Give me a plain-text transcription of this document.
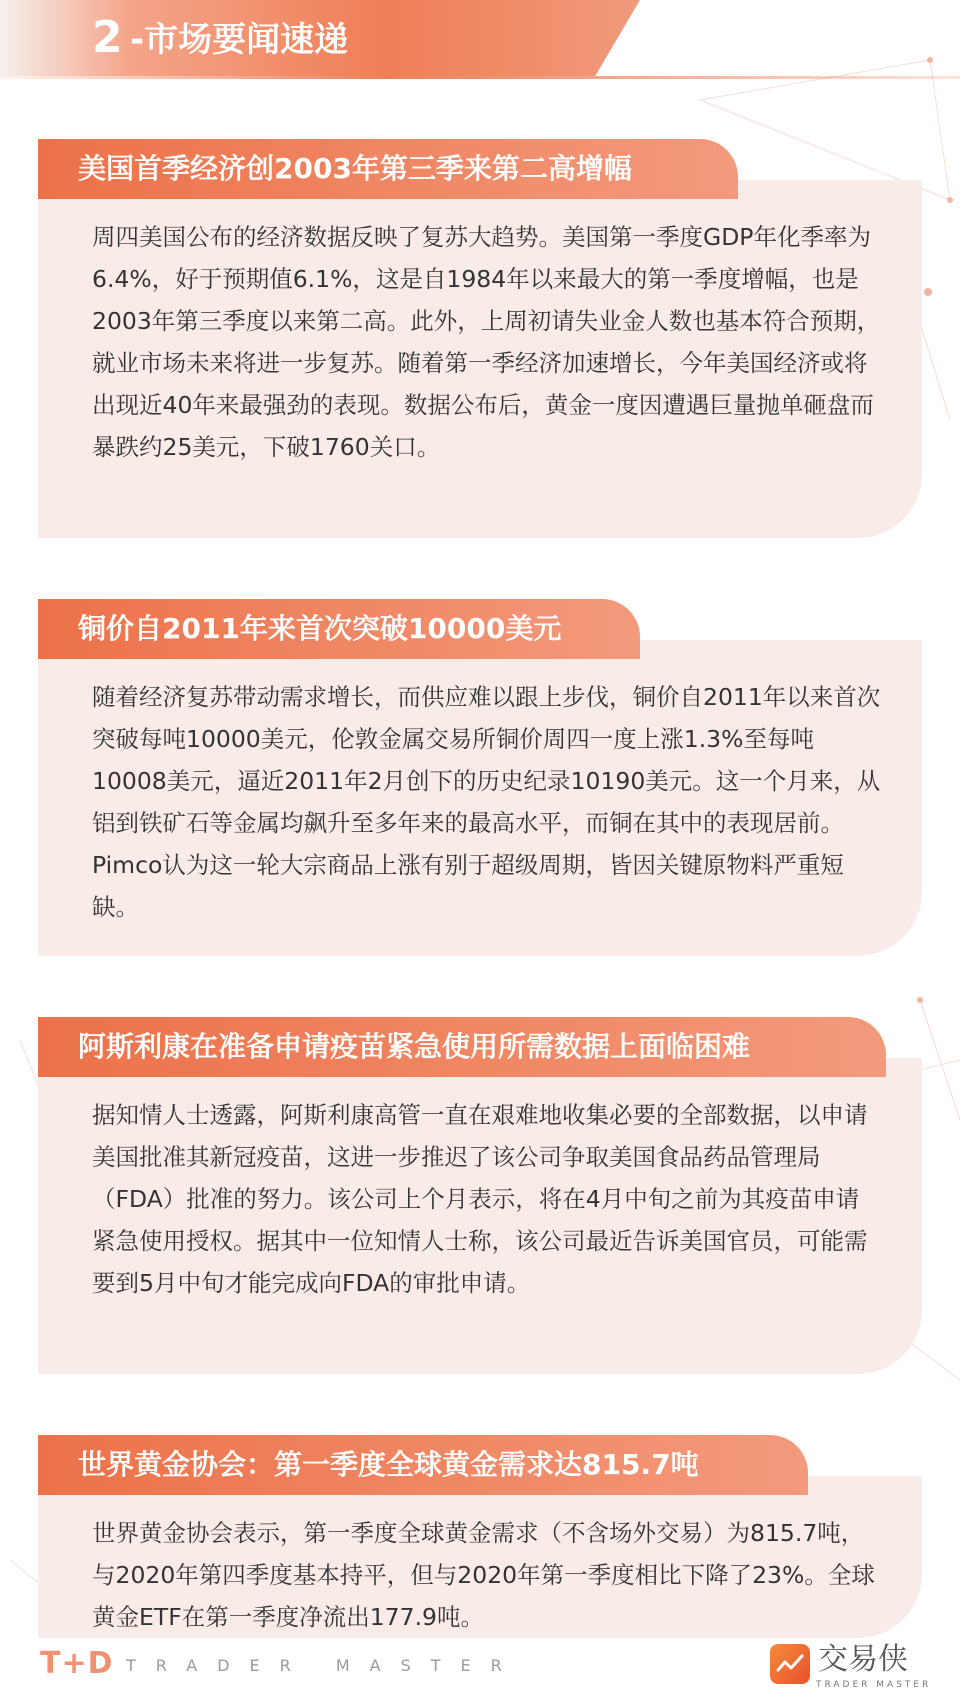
2 -市场要闻速递
美国首季经济创2003年第三季来第二高增幅

周四美国公布的经济数据反映了复苏大趋势。美国第一季度GDP年化季率为6.4%，好于预期值6.1%，这是自1984年以来最大的第一季度增幅，也是2003年第三季度以来第二高。此外，上周初请失业金人数也基本符合预期，就业市场未来将进一步复苏。随着第一季经济加速增长，今年美国经济或将出现近40年来最强劲的表现。数据公布后，黄金一度因遭遇巨量抛单砸盘而暴跌约25美元，下破1760关口。

铜价自2011年来首次突破10000美元

随着经济复苏带动需求增长，而供应难以跟上步伐，铜价自2011年以来首次突破每吨10000美元，伦敦金属交易所铜价周四一度上涨1.3%至每吨10008美元，逼近2011年2月创下的历史纪录10190美元。这一个月来，从铝到铁矿石等金属均飙升至多年来的最高水平，而铜在其中的表现居前。Pimco认为这一轮大宗商品上涨有别于超级周期，皆因关键原物料严重短缺。

阿斯利康在准备申请疫苗紧急使用所需数据上面临困难

据知情人士透露，阿斯利康高管一直在艰难地收集必要的全部数据，以申请美国批准其新冠疫苗，这进一步推迟了该公司争取美国食品药品管理局（FDA）批准的努力。该公司上个月表示，将在4月中旬之前为其疫苗申请紧急使用授权。据其中一位知情人士称，该公司最近告诉美国官员，可能需要到5月中旬才能完成向FDA的审批申请。

世界黄金协会：第一季度全球黄金需求达815.7吨

世界黄金协会表示，第一季度全球黄金需求（不含场外交易）为815.7吨，与2020年第四季度基本持平，但与2020年第一季度相比下降了23%。全球黄金ETF在第一季度净流出177.9吨。

T+D TRADER MASTER	交易侠
TRADER MASTER
